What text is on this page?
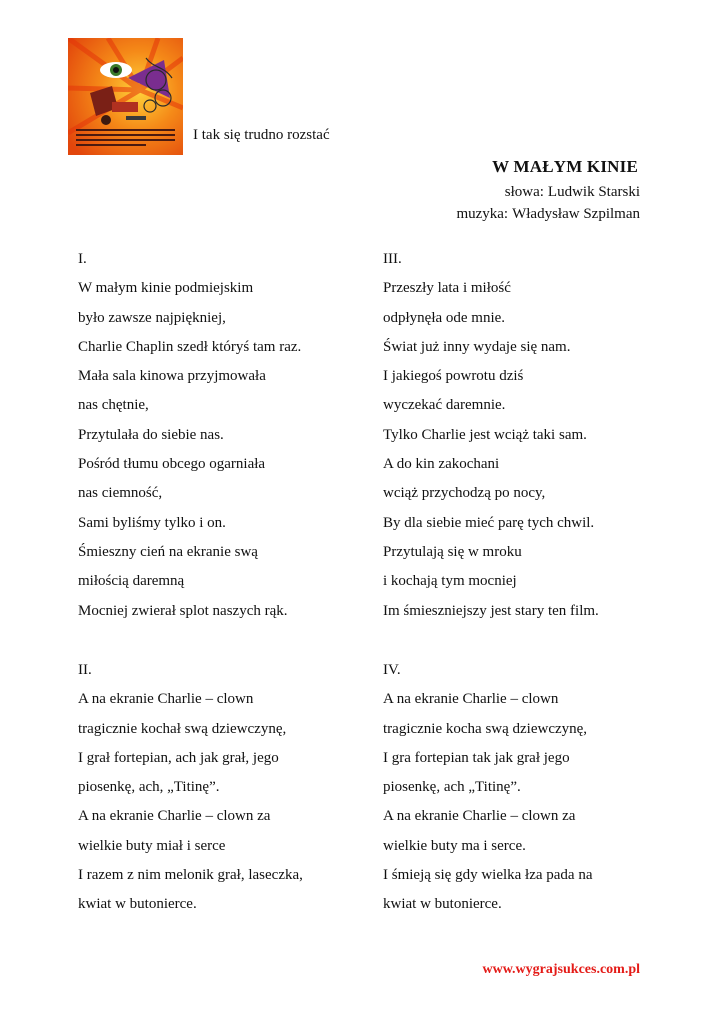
I tak się trudno rozstać
W MAŁYM KINIE
słowa: Ludwik Starski
muzyka: Władysław Szpilman
I.
W małym kinie podmiejskim
było zawsze najpiękniej,
Charlie Chaplin szedł któryś tam raz.
Mała sala kinowa przyjmowała
nas chętnie,
Przytulała do siebie nas.
Pośród tłumu obcego ogarniała
nas ciemność,
Sami byliśmy tylko i on.
Śmieszny cień na ekranie swą
miłością daremną
Mocniej zwierał splot naszych rąk.
II.
A na ekranie Charlie – clown
tragicznie kochał swą dziewczynę,
I grał fortepian, ach jak grał, jego
piosenkę, ach, „Titinę”.
A na ekranie Charlie – clown za
wielkie buty miał i serce
I razem z nim melonik grał, laseczka,
kwiat w butonierce.
III.
Przeszły lata i miłość
odpłynęła ode mnie.
Świat już inny wydaje się nam.
I jakiegoś powrotu dziś
wyczekać daremnie.
Tylko Charlie jest wciąż taki sam.
A do kin zakochani
wciąż przychodzą po nocy,
By dla siebie mieć parę tych chwil.
Przytulają się w mroku
i kochają tym mocniej
Im śmieszniejszy jest stary ten film.
IV.
A na ekranie Charlie – clown
tragicznie kocha swą dziewczynę,
I gra fortepian tak jak grał jego
piosenkę, ach „Titinę”.
A na ekranie Charlie – clown za
wielkie buty ma i serce.
I śmieją się gdy wielka łza pada na
kwiat w butonierce.
www.wygrajsukces.com.pl
